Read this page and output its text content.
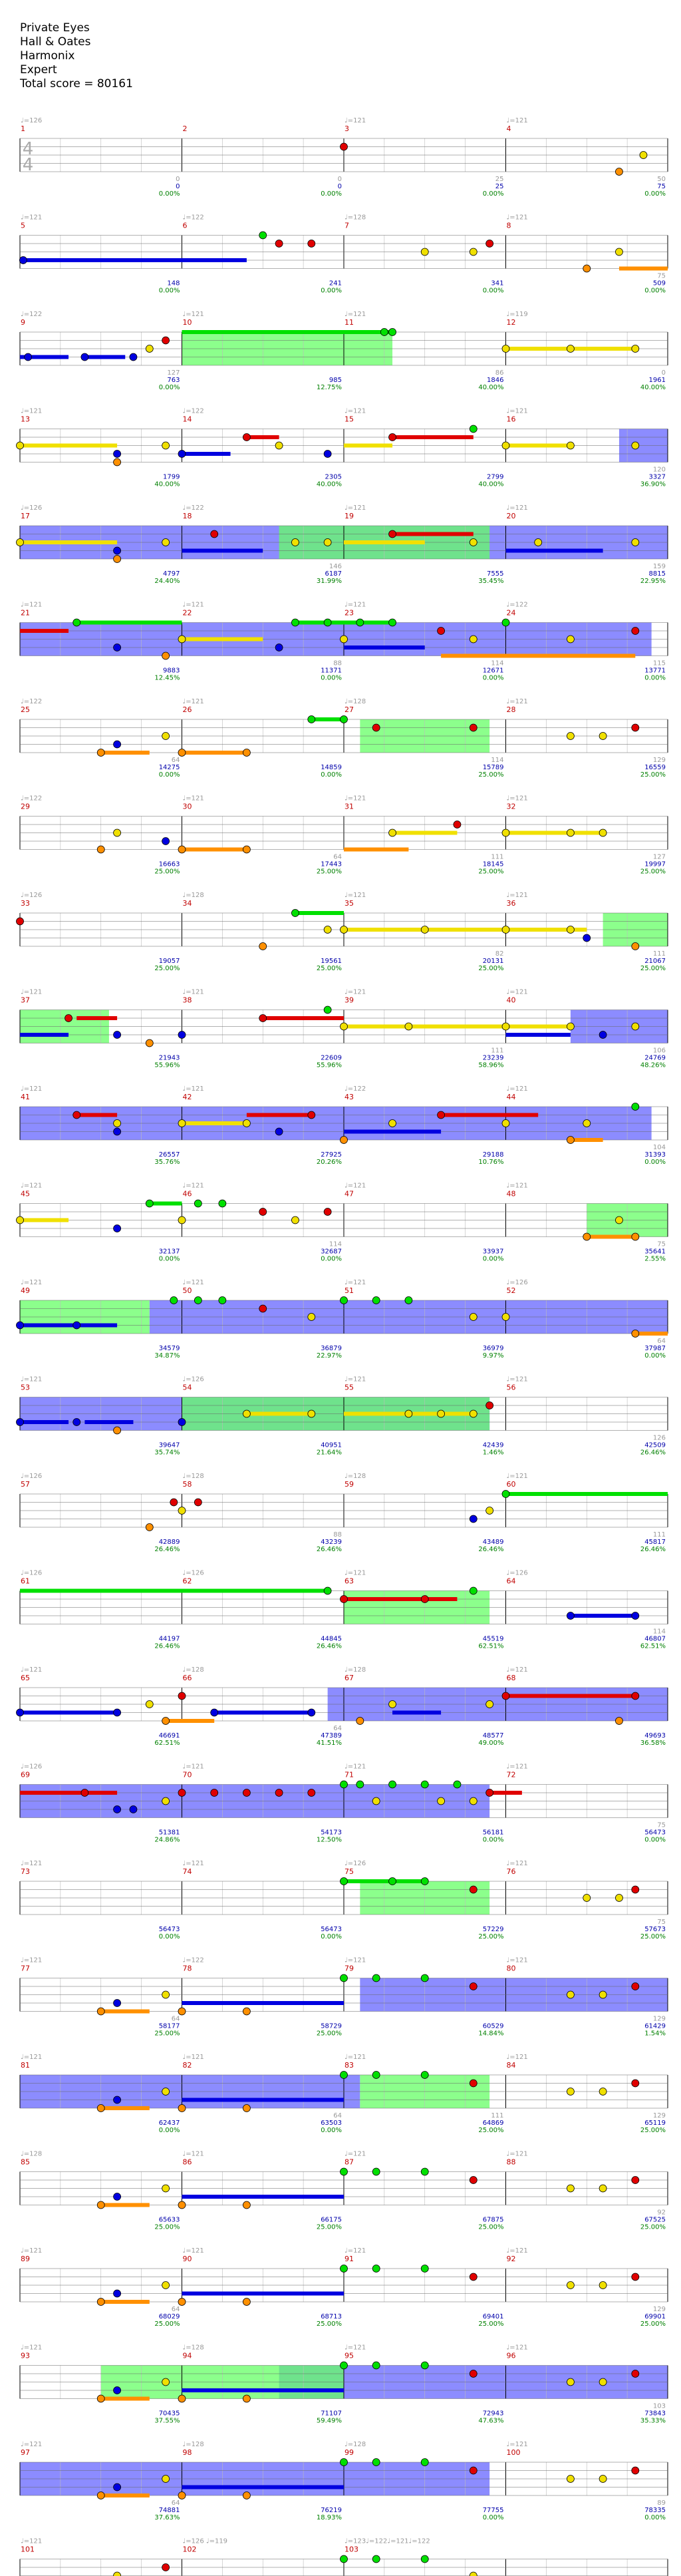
Private Eyes
Hall & Oates
Harmonix
Expert
Total score = 80161
♩=126
1	2
♩=121
3
♩=121
4
4
4
0
0
0.00%
0
0
0.00%
25
25
0.00%
50
75
0.00%
♩=121
5
♩=122
6
♩=128
7
♩=121
8
148
0.00%
241
0.00%
341
0.00%
75
509
0.00%
♩=122
9
♩=121
10
♩=121
11
♩=119
12
127
763
0.00%
985
12.75%
86
1846
40.00%
0
1961
40.00%
♩=121
13
♩=122
14
♩=121
15
♩=121
16
1799
40.00%
2305
40.00%
2799
40.00%
120
3327
36.90%
♩=126
17
♩=122
18
♩=121
19
♩=121
20
4797
24.40%
146
6187
31.99%
7555
35.45%
159
8815
22.95%
♩=121
21
♩=121
22
♩=121
23
♩=122
24
9883
12.45%
88
11371
0.00%
114
12671
0.00%
115
13771
0.00%
♩=122
25
♩=121
26
♩=128
27
♩=121
28
64
14275
0.00%
14859
0.00%
114
15789
25.00%
129
16559
25.00%
♩=122
29
♩=121
30
♩=121
31
♩=121
32
16663
25.00%
64
17443
25.00%
111
18145
25.00%
127
19997
25.00%
♩=126
33
♩=128
34
♩=121
35
♩=121
36
19057
25.00%
19561
25.00%
82
20131
25.00%
111
21067
25.00%
♩=121
37
♩=121
38
♩=121
39
♩=121
40
21943
55.96%
22609
55.96%
111
23239
58.96%
106
24769
48.26%
♩=121
41
♩=121
42
♩=122
43
♩=121
44
26557
35.76%
27925
20.26%
29188
10.76%
104
31393
0.00%
♩=121
45
♩=121
46
♩=121
47
♩=121
48
32137
0.00%
114
32687
0.00%
33937
0.00%
75
35641
2.55%
♩=121
49
♩=121
50
♩=121
51
♩=126
52
34579
34.87%
36879
22.97%
36979
9.97%
64
37987
0.00%
♩=121
53
♩=126
54
♩=121
55
♩=121
56
39647
35.74%
40951
21.64%
42439
1.46%
126
42509
26.46%
♩=126
57
♩=128
58
♩=128
59
♩=121
60
42889
26.46%
88
43239
26.46%
43489
26.46%
111
45817
26.46%
♩=126
61
♩=126
62
♩=121
63
♩=126
64
44197
26.46%
44845
26.46%
45519
62.51%
114
46807
62.51%
♩=121
65
♩=128
66
♩=128
67
♩=121
68
46691
62.51%
64
47389
41.51%
48577
49.00%
49693
36.58%
♩=126
69
♩=121
70
♩=121
71
♩=121
72
51381
24.86%
54173
12.50%
56181
0.00%
75
56473
0.00%
♩=121
73
♩=121
74
♩=126
75
♩=121
76
56473
0.00%
56473
0.00%
57229
25.00%
75
57673
25.00%
♩=121
77
♩=122
78
♩=121
79
♩=121
80
64
58177
25.00%
58729
25.00%
60529
14.84%
129
61429
1.54%
♩=121
81
♩=121
82
♩=121
83
♩=121
84
62437
0.00%
64
63503
0.00%
111
64869
25.00%
129
65119
25.00%
♩=128
85
♩=121
86
♩=121
87
♩=121
88
65633
25.00%
66175
25.00%
67875
25.00%
92
67525
25.00%
♩=121
89
♩=121
90
♩=121
91
♩=121
92
64
68029
25.00%
68713
25.00%
69401
25.00%
129
69901
25.00%
♩=121
93
♩=128
94
♩=121
95
♩=121
96
70435
37.55%
71107
59.49%
72943
47.63%
103
73843
35.33%
♩=121
97
♩=128
98
♩=128
99
♩=121
100
64
74881
37.63%
76219
18.93%
77755
0.00%
89
78335
0.00%
♩=121
101
♩=126 ♩=119
102
♩=123♩=122♩=121♩=122
103
